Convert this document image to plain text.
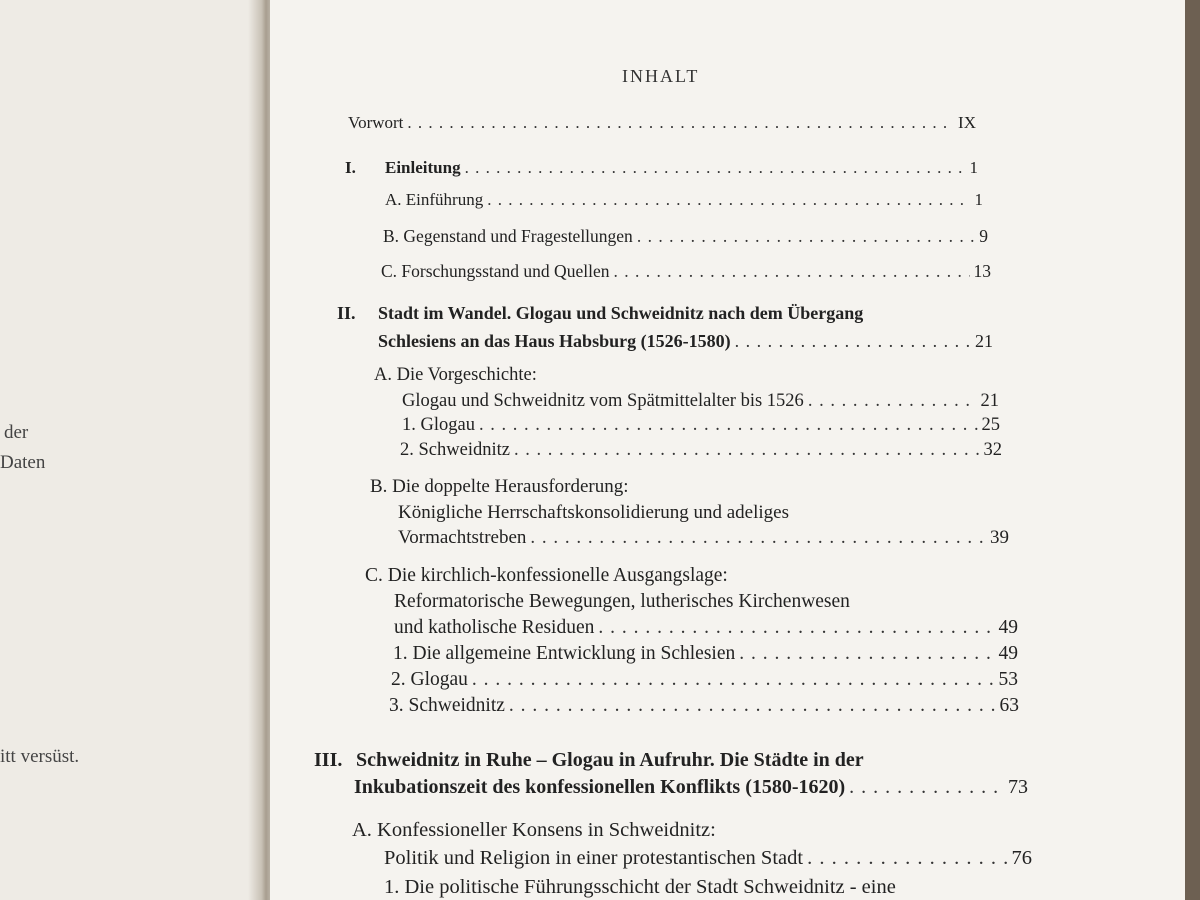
der
Daten
itt versüst.
INHALT
Vorwort . . .	IX
I. Einleitung . . .	1
A. Einführung . . .	1
B. Gegenstand und Fragestellungen . . .	9
C. Forschungsstand und Quellen . . .	13
II. Stadt im Wandel. Glogau und Schweidnitz nach dem Übergang
Schlesiens an das Haus Habsburg (1526-1580) . . .	21
A. Die Vorgeschichte:
Glogau und Schweidnitz vom Spätmittelalter bis 1526 . . .	21
1. Glogau . . .	25
2. Schweidnitz . . .	32
B. Die doppelte Herausforderung:
Königliche Herrschaftskonsolidierung und adeliges
Vormachtstreben . . .	39
C. Die kirchlich-konfessionelle Ausgangslage:
Reformatorische Bewegungen, lutherisches Kirchenwesen
und katholische Residuen . . .	49
1. Die allgemeine Entwicklung in Schlesien . . .	49
2. Glogau . . .	53
3. Schweidnitz . . .	63
III. Schweidnitz in Ruhe – Glogau in Aufruhr. Die Städte in der
Inkubationszeit des konfessionellen Konflikts (1580-1620) . . .	73
A. Konfessioneller Konsens in Schweidnitz:
Politik und Religion in einer protestantischen Stadt . . .	76
1. Die politische Führungsschicht der Stadt Schweidnitz - eine
